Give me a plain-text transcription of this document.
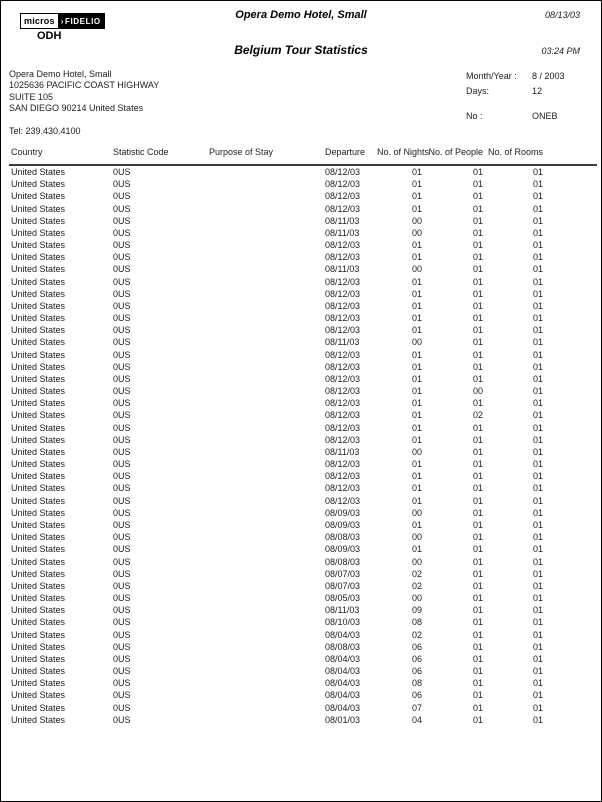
micros › FIDELIO
ODH
Opera Demo Hotel, Small	08/13/03
Belgium Tour Statistics	03:24 PM
Opera Demo Hotel, Small
1025636 PACIFIC COAST HIGHWAY
SUITE 105
SAN DIEGO 90214 United States
Tel: 239.430.4100
Month/Year :	8 / 2003
Days:	12
No :	ONEB
Country	Statistic Code	Purpose of Stay	Departure	No. of Nights	No. of People	No. of Rooms	
United States	0US		08/12/03	01	01	01	
United States	0US		08/12/03	01	01	01	
United States	0US		08/12/03	01	01	01	
United States	0US		08/12/03	01	01	01	
United States	0US		08/11/03	00	01	01	
United States	0US		08/11/03	00	01	01	
United States	0US		08/12/03	01	01	01	
United States	0US		08/12/03	01	01	01	
United States	0US		08/11/03	00	01	01	
United States	0US		08/12/03	01	01	01	
United States	0US		08/12/03	01	01	01	
United States	0US		08/12/03	01	01	01	
United States	0US		08/12/03	01	01	01	
United States	0US		08/12/03	01	01	01	
United States	0US		08/11/03	00	01	01	
United States	0US		08/12/03	01	01	01	
United States	0US		08/12/03	01	01	01	
United States	0US		08/12/03	01	01	01	
United States	0US		08/12/03	01	00	01	
United States	0US		08/12/03	01	01	01	
United States	0US		08/12/03	01	02	01	
United States	0US		08/12/03	01	01	01	
United States	0US		08/12/03	01	01	01	
United States	0US		08/11/03	00	01	01	
United States	0US		08/12/03	01	01	01	
United States	0US		08/12/03	01	01	01	
United States	0US		08/12/03	01	01	01	
United States	0US		08/12/03	01	01	01	
United States	0US		08/09/03	00	01	01	
United States	0US		08/09/03	01	01	01	
United States	0US		08/08/03	00	01	01	
United States	0US		08/09/03	01	01	01	
United States	0US		08/08/03	00	01	01	
United States	0US		08/07/03	02	01	01	
United States	0US		08/07/03	02	01	01	
United States	0US		08/05/03	00	01	01	
United States	0US		08/11/03	09	01	01	
United States	0US		08/10/03	08	01	01	
United States	0US		08/04/03	02	01	01	
United States	0US		08/08/03	06	01	01	
United States	0US		08/04/03	06	01	01	
United States	0US		08/04/03	06	01	01	
United States	0US		08/04/03	08	01	01	
United States	0US		08/04/03	06	01	01	
United States	0US		08/04/03	07	01	01	
United States	0US		08/01/03	04	01	01	
